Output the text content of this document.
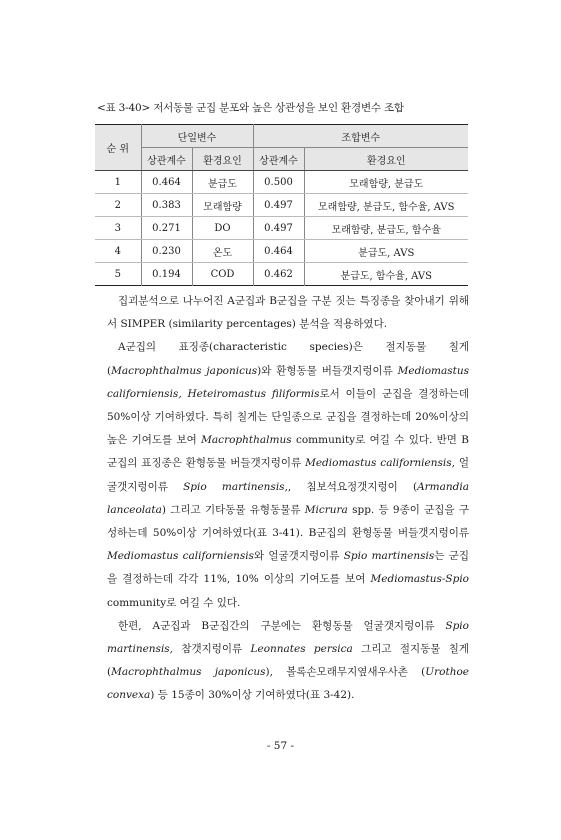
<표 3-40> 저서동물 군집 분포와 높은 상관성을 보인 환경변수 조합
순 위	단일변수		조합변수	
	상관계수	환경요인	상관계수	환경요인
1	0.464	분급도	0.500	모래함량, 분급도
2	0.383	모래함량	0.497	모래함량, 분급도, 함수율, AVS
3	0.271	DO	0.497	모래함량, 분급도, 함수율
4	0.230	온도	0.464	분급도, AVS
5	0.194	COD	0.462	분급도, 함수율, AVS

집괴분석으로 나누어진 A군집과 B군집을 구분 짓는 특징종을 찾아내기 위해서 SIMPER (similarity percentages) 분석을 적용하였다.

A군집의 표징종(characteristic species)은 절지동물 칠게 (Macrophthalmus japonicus)와 환형동물 버들갯지렁이류 Mediomastus californiensis, Heteiromastus filiformis로서 이들이 군집을 결정하는데 50%이상 기여하였다. 특히 칠게는 단일종으로 군집을 결정하는데 20%이상의 높은 기여도를 보여 Macrophthalmus community로 여길 수 있다. 반면 B군집의 표징종은 환형동물 버들갯지렁이류 Mediomastus californiensis, 얼굴갯지렁이류 Spio martinensis,, 침보석요정갯지렁이 (Armandia lanceolata) 그리고 기타동물 유형동물류 Micrura spp. 등 9종이 군집을 구성하는데 50%이상 기여하였다(표 3-41). B군집의 환형동물 버들갯지렁이류 Mediomastus californiensis와 얼굴갯지렁이류 Spio martinensis는 군집을 결정하는데 각각 11%, 10% 이상의 기여도를 보여 Mediomastus-Spio community로 여길 수 있다.

한편, A군집과 B군집간의 구분에는 환형동물 얼굴갯지렁이류 Spio martinensis, 참갯지렁이류 Leonnates persica 그리고 절지동물 칠게 (Macrophthalmus japonicus), 볼록손모래무지옆새우사촌 (Urothoe convexa) 등 15종이 30%이상 기여하였다(표 3-42).

- 57 -
